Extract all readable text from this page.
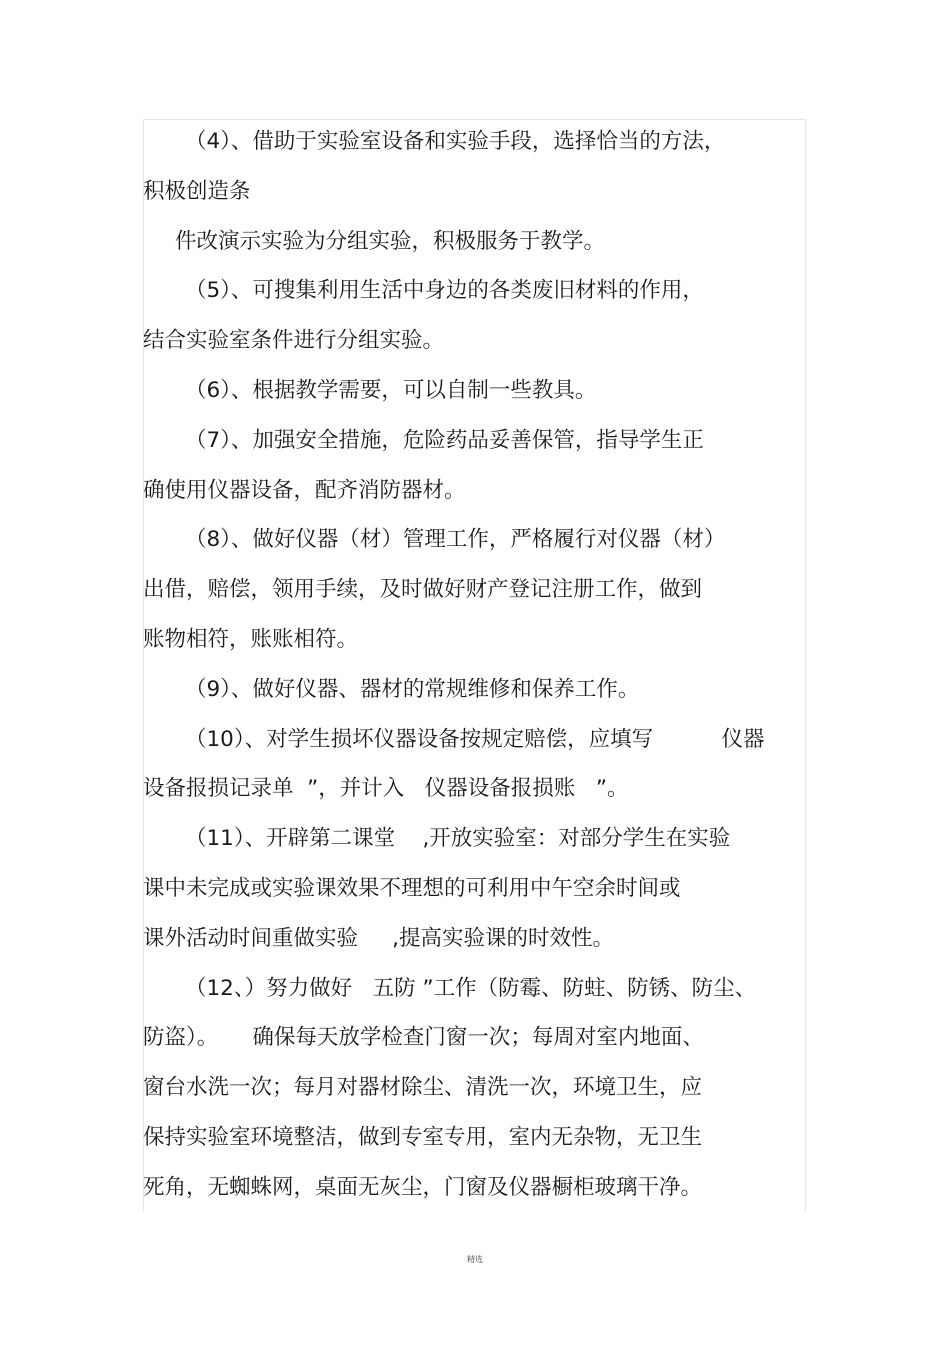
（4）、借助于实验室设备和实验手段，选择恰当的方法，
积极创造条
件改演示实验为分组实验，积极服务于教学。
（5）、可搜集利用生活中身边的各类废旧材料的作用，
结合实验室条件进行分组实验。
（6）、根据教学需要，可以自制一些教具。
（7）、加强安全措施，危险药品妥善保管，指导学生正
确使用仪器设备，配齐消防器材。
（8）、做好仪器（材）管理工作，严格履行对仪器（材）
出借，赔偿，领用手续，及时做好财产登记注册工作，做到
账物相符，账账相符。
（9）、做好仪器、器材的常规维修和保养工作。
（10）、对学生损坏仪器设备按规定赔偿，应填写          仪器
设备报损记录单  ”，并计入   仪器设备报损账   ”。
（11）、开辟第二课堂    ,开放实验室：对部分学生在实验
课中未完成或实验课效果不理想的可利用中午空余时间或
课外活动时间重做实验     ,提高实验课的时效性。
（12、）努力做好   五防 ”工作（防霉、防蛀、防锈、防尘、
防盗）。     确保每天放学检查门窗一次；每周对室内地面、
窗台水洗一次；每月对器材除尘、清洗一次，环境卫生，应
保持实验室环境整洁，做到专室专用，室内无杂物，无卫生
死角，无蜘蛛网，桌面无灰尘，门窗及仪器橱柜玻璃干净。
精选
